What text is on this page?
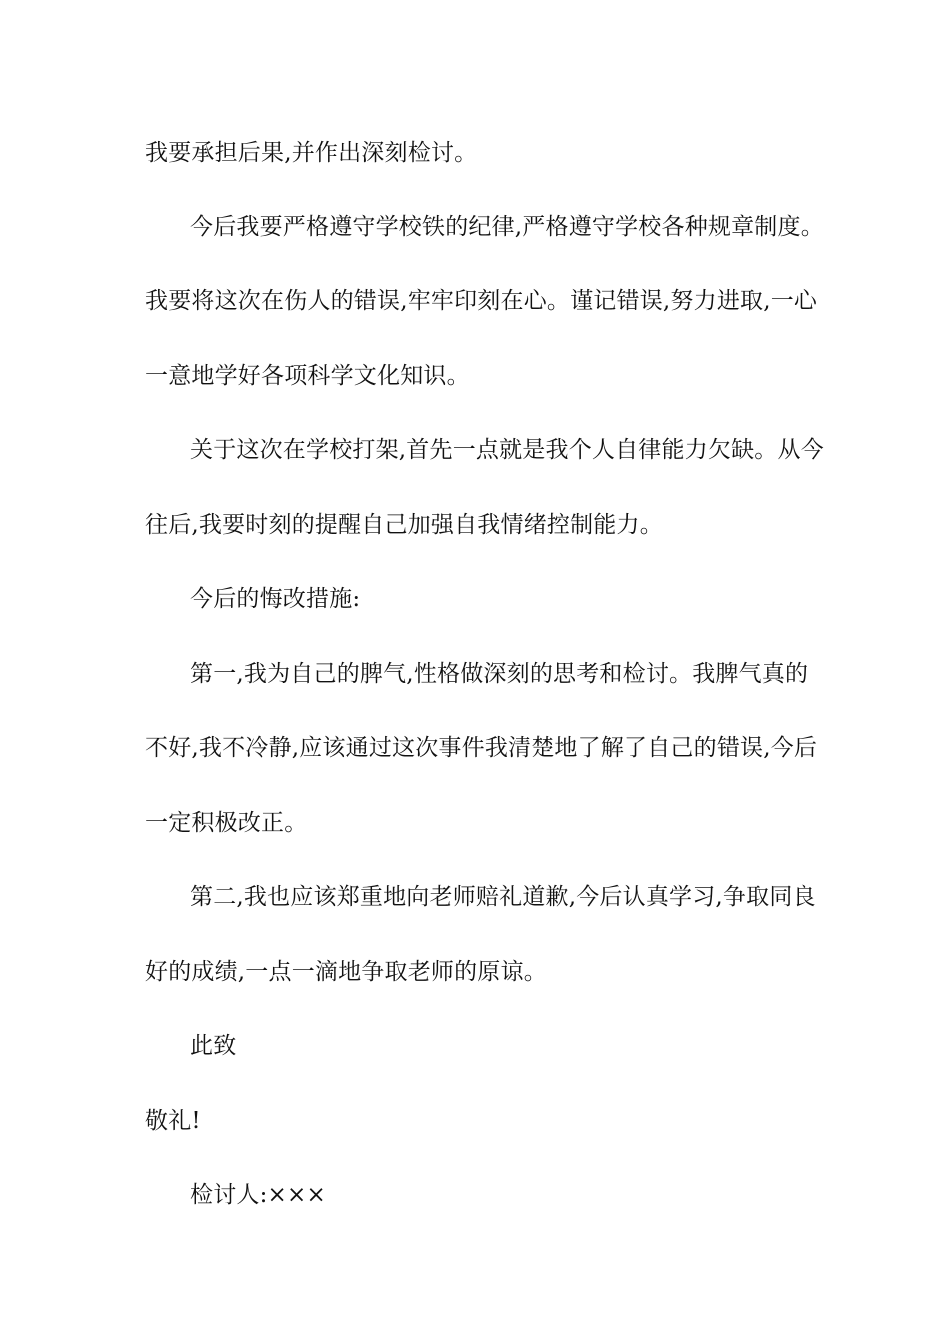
我要承担后果,并作出深刻检讨。
今后我要严格遵守学校铁的纪律,严格遵守学校各种规章制度。
我要将这次在伤人的错误,牢牢印刻在心。谨记错误,努力进取,一心
一意地学好各项科学文化知识。
关于这次在学校打架,首先一点就是我个人自律能力欠缺。从今
往后,我要时刻的提醒自己加强自我情绪控制能力。
今后的悔改措施:
第一,我为自己的脾气,性格做深刻的思考和检讨。我脾气真的
不好,我不冷静,应该通过这次事件我清楚地了解了自己的错误,今后
一定积极改正。
第二,我也应该郑重地向老师赔礼道歉,今后认真学习,争取同良
好的成绩,一点一滴地争取老师的原谅。
此致
敬礼!
检讨人:×××
